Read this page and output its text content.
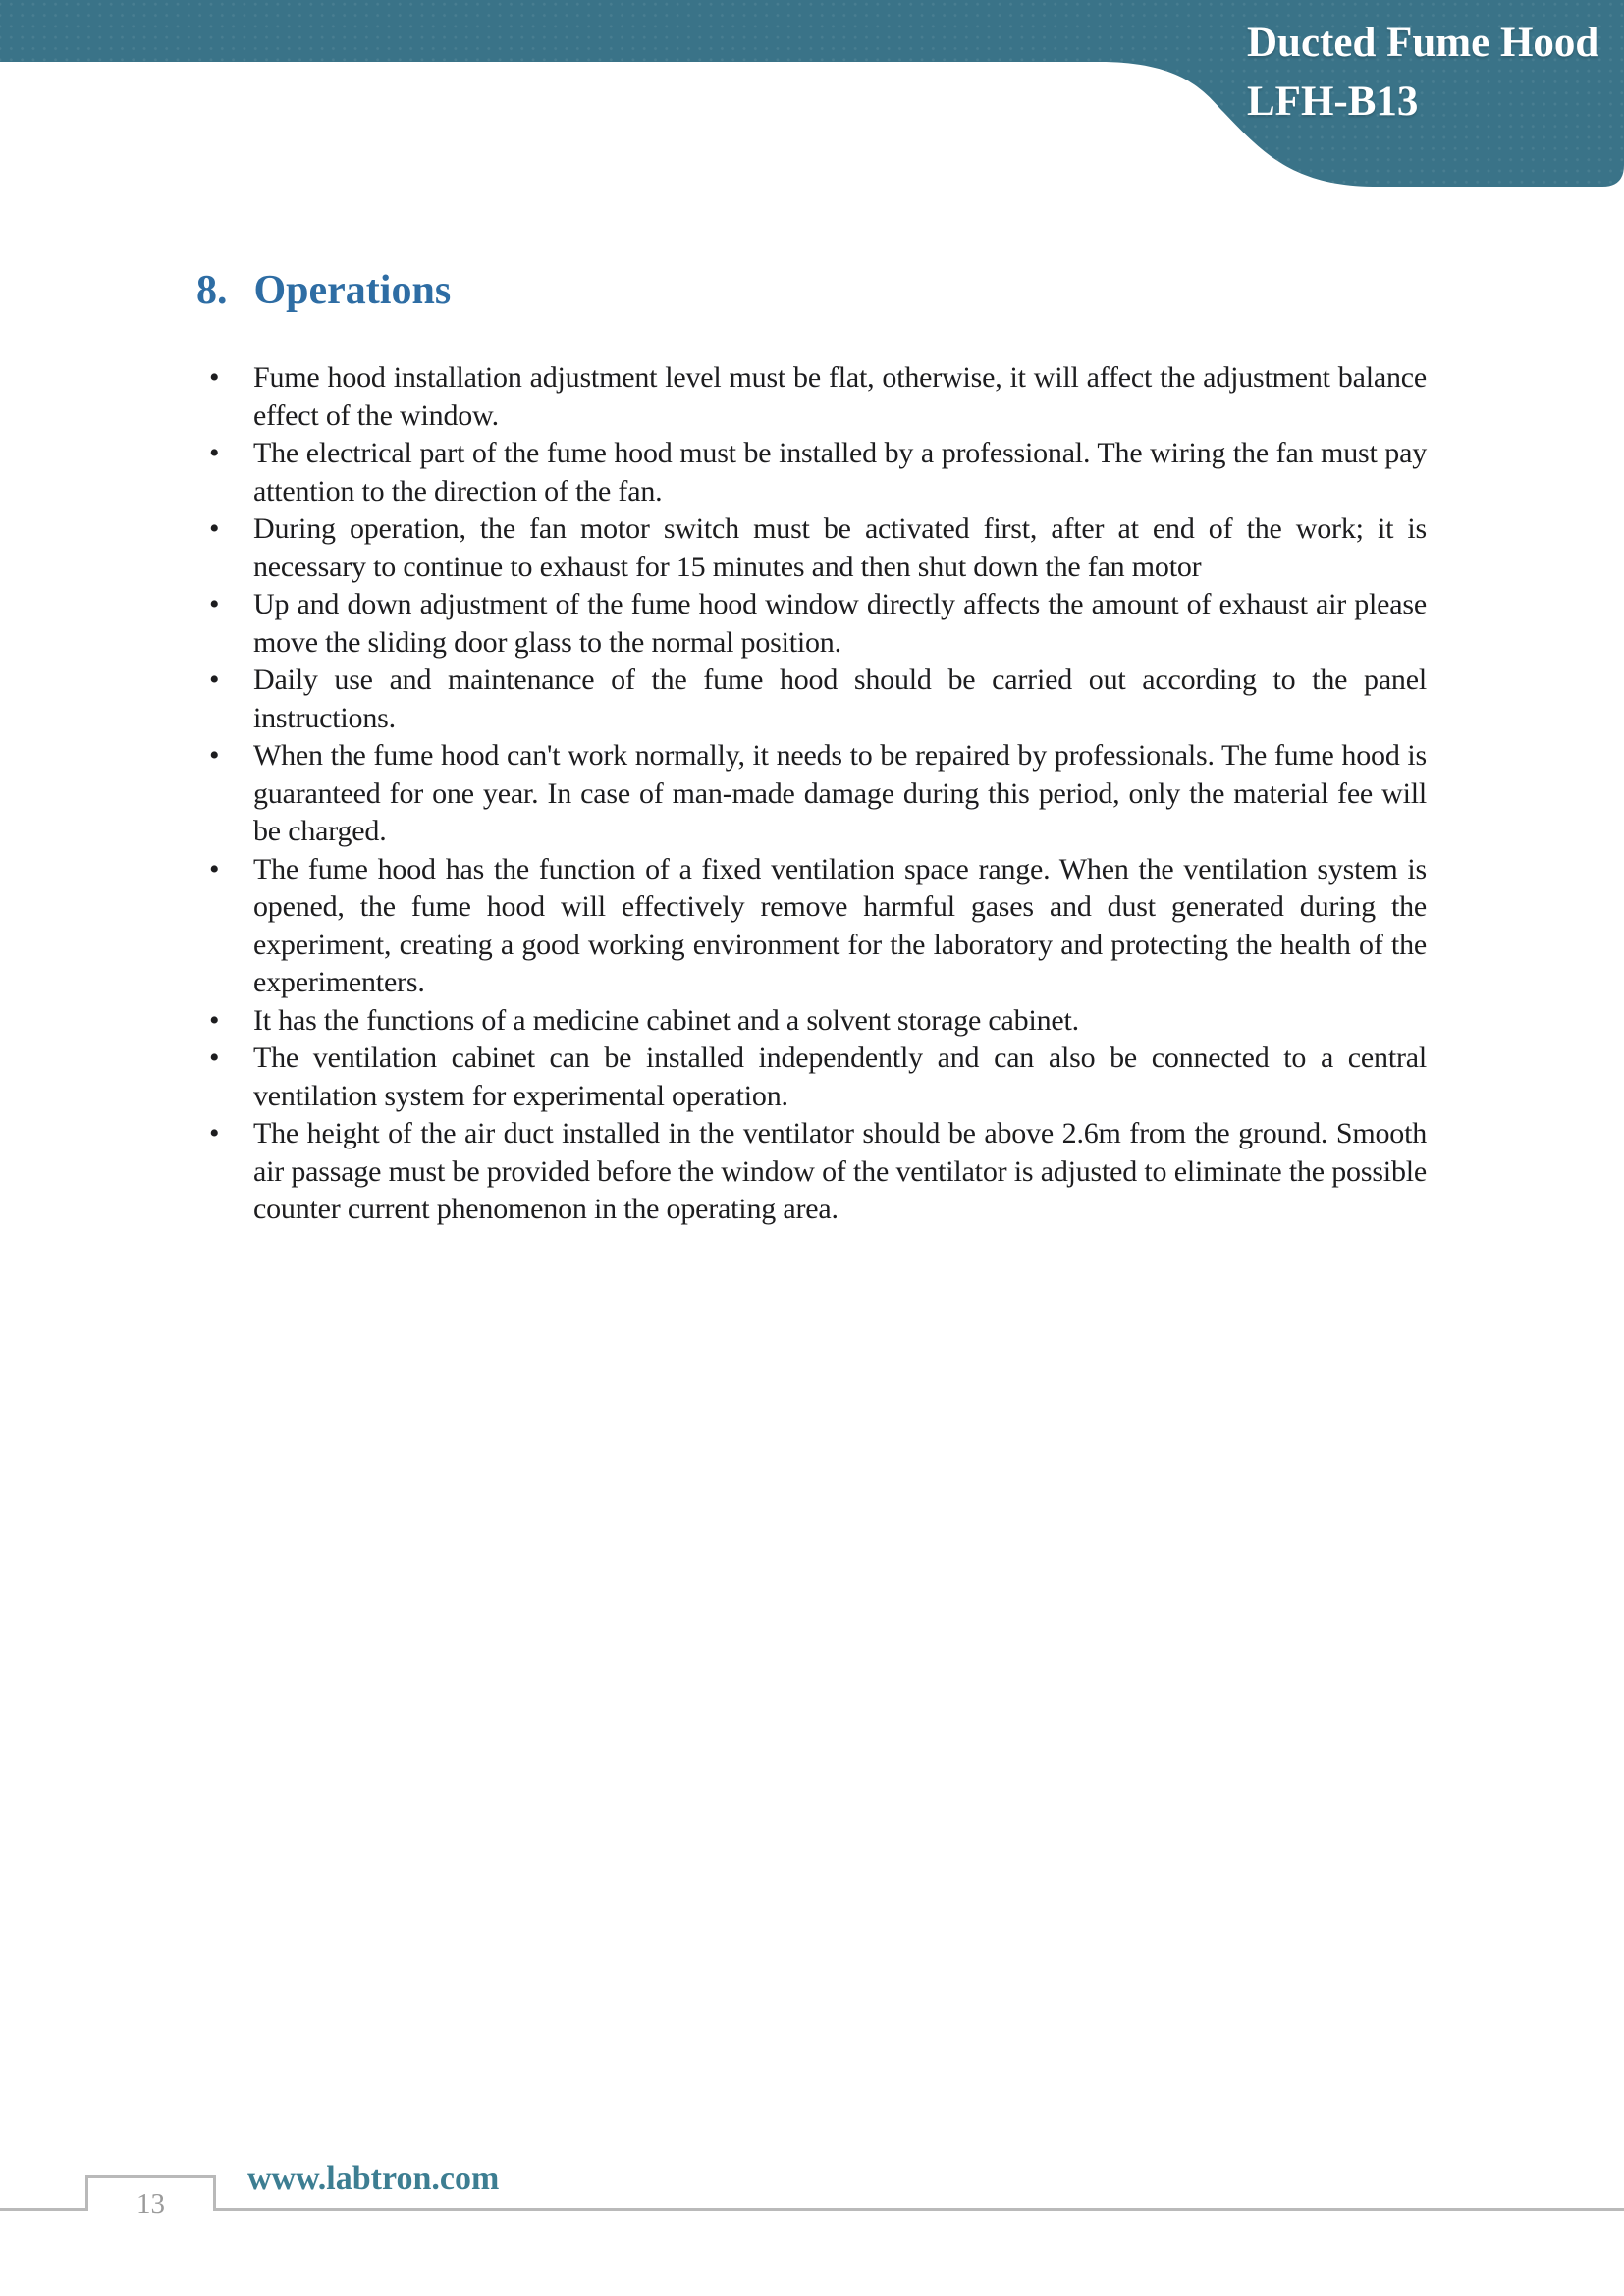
Ducted Fume Hood
LFH-B13
8. Operations
• Fume hood installation adjustment level must be flat, otherwise, it will affect the adjustment balance effect of the window.
• The electrical part of the fume hood must be installed by a professional. The wiring the fan must pay attention to the direction of the fan.
• During operation, the fan motor switch must be activated first, after at end of the work; it is necessary to continue to exhaust for 15 minutes and then shut down the fan motor
• Up and down adjustment of the fume hood window directly affects the amount of exhaust air please move the sliding door glass to the normal position.
• Daily use and maintenance of the fume hood should be carried out according to the panel instructions.
• When the fume hood can't work normally, it needs to be repaired by professionals. The fume hood is guaranteed for one year. In case of man-made damage during this period, only the material fee will be charged.
• The fume hood has the function of a fixed ventilation space range. When the ventilation system is opened, the fume hood will effectively remove harmful gases and dust generated during the experiment, creating a good working environment for the laboratory and protecting the health of the experimenters.
• It has the functions of a medicine cabinet and a solvent storage cabinet.
• The ventilation cabinet can be installed independently and can also be connected to a central ventilation system for experimental operation.
• The height of the air duct installed in the ventilator should be above 2.6m from the ground. Smooth air passage must be provided before the window of the ventilator is adjusted to eliminate the possible counter current phenomenon in the operating area.
13
www.labtron.com
